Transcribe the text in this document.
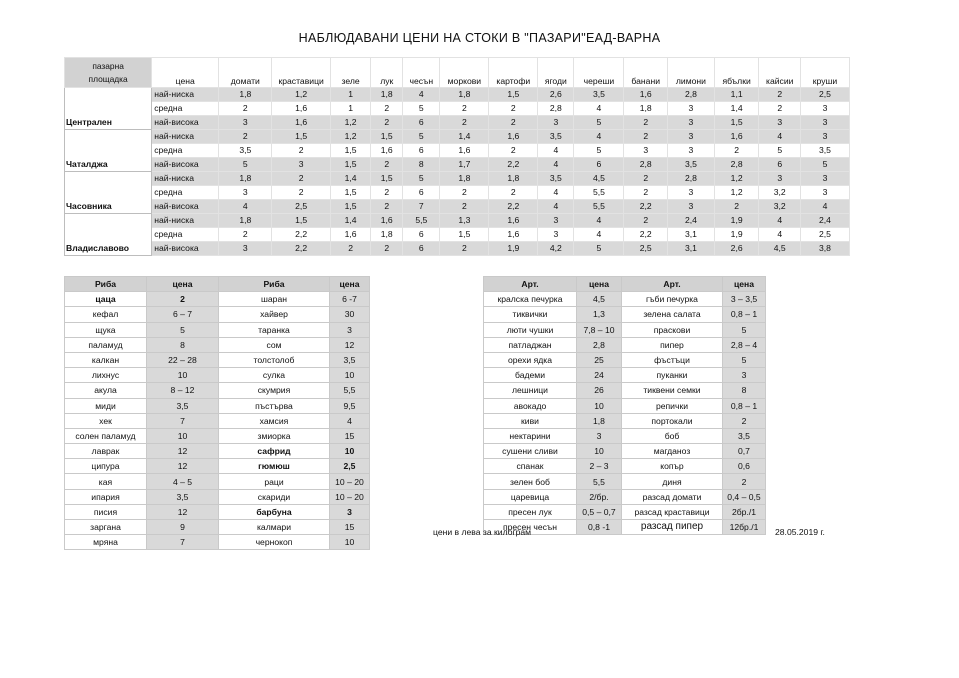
НАБЛЮДАВАНИ ЦЕНИ НА СТОКИ В "ПАЗАРИ"ЕАД-ВАРНА
пазарна
площадка	цена	домати	краставици	зеле	лук	чесън	моркови	картофи	ягоди	череши	банани	лимони	ябълки	кайсии	круши
Централен	най-ниска	1,8	1,2	1	1,8	4	1,8	1,5	2,6	3,5	1,6	2,8	1,1	2	2,5
	средна	2	1,6	1	2	5	2	2	2,8	4	1,8	3	1,4	2	3
	най-висока	3	1,6	1,2	2	6	2	2	3	5	2	3	1,5	3	3
Чаталджа	най-ниска	2	1,5	1,2	1,5	5	1,4	1,6	3,5	4	2	3	1,6	4	3
	средна	3,5	2	1,5	1,6	6	1,6	2	4	5	3	3	2	5	3,5
	най-висока	5	3	1,5	2	8	1,7	2,2	4	6	2,8	3,5	2,8	6	5
Часовника	най-ниска	1,8	2	1,4	1,5	5	1,8	1,8	3,5	4,5	2	2,8	1,2	3	3
	средна	3	2	1,5	2	6	2	2	4	5,5	2	3	1,2	3,2	3
	най-висока	4	2,5	1,5	2	7	2	2,2	4	5,5	2,2	3	2	3,2	4
Владиславово	най-ниска	1,8	1,5	1,4	1,6	5,5	1,3	1,6	3	4	2	2,4	1,9	4	2,4
	средна	2	2,2	1,6	1,8	6	1,5	1,6	3	4	2,2	3,1	1,9	4	2,5
	най-висока	3	2,2	2	2	6	2	1,9	4,2	5	2,5	3,1	2,6	4,5	3,8
Риба	цена	Риба	цена
цаца	2	шаран	6 -7
кефал	6 – 7	хайвер	30
щука	5	таранка	3
паламуд	8	сом	12
калкан	22 – 28	толстолоб	3,5
лихнус	10	сулка	10
акула	8 – 12	скумрия	5,5
миди	3,5	пъстърва	9,5
хек	7	хамсия	4
солен паламуд	10	змиорка	15
лаврак	12	сафрид	10
ципура	12	гюмюш	2,5
кая	4 – 5	раци	10 – 20
ипария	3,5	скариди	10 – 20
писия	12	барбуна	3
заргана	9	калмари	15
мряна	7	чернокоп	10
Арт.	цена	Арт.	цена
кралска печурка	4,5	гъби печурка	3 – 3,5
тиквички	1,3	зелена салата	0,8 – 1
люти чушки	7,8 – 10	праскови	5
патладжан	2,8	пипер	2,8 – 4
орехи ядка	25	фъстъци	5
бадеми	24	пуканки	3
лешници	26	тиквени семки	8
авокадо	10	репички	0,8 – 1
киви	1,8	портокали	2
нектарини	3	боб	3,5
сушени сливи	10	магданоз	0,7
спанак	2 – 3	копър	0,6
зелен боб	5,5	диня	2
царевица	2/бр.	разсад домати	0,4 – 0,5
пресен лук	0,5 – 0,7	разсад краставици	2бр./1
пресен чесън	0,8 -1	разсад пипер	12бр./1
цени в лева за килограм	28.05.2019 г.
